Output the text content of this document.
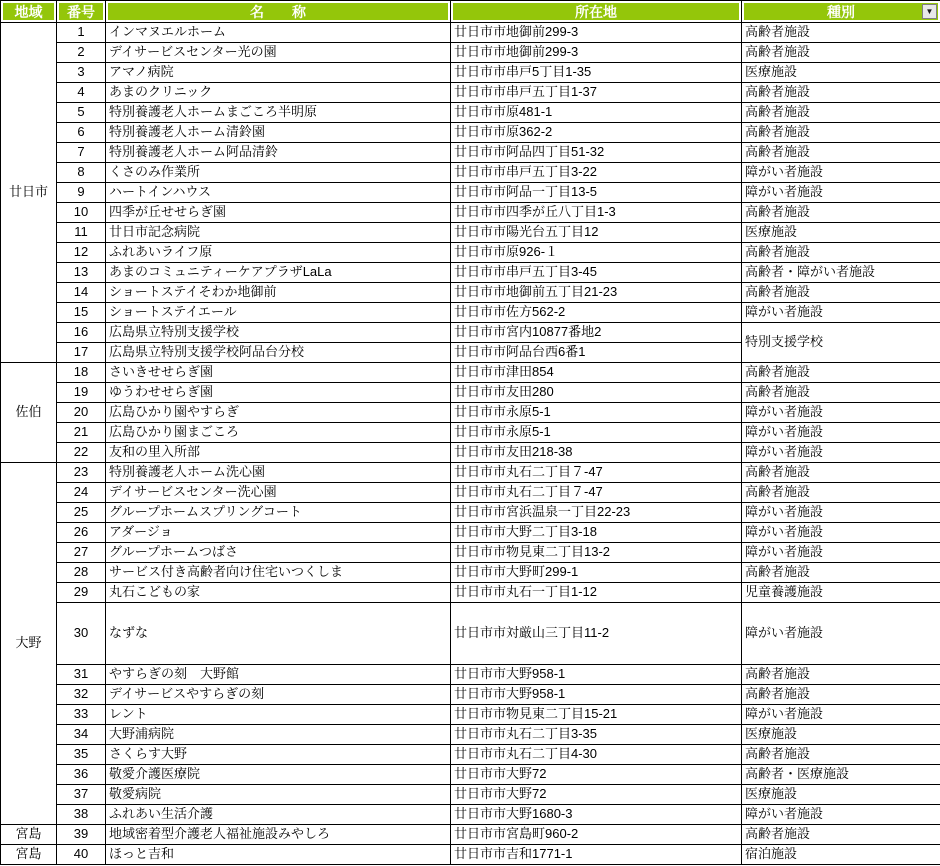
地域	番号	名　　称	所在地	種別 ▼

廿日市	1	インマヌエルホーム	廿日市市地御前299-3	高齢者施設
	2	デイサービスセンター光の園	廿日市市地御前299-3	高齢者施設
	3	アマノ病院	廿日市市串戸5丁目1-35	医療施設
	4	あまのクリニック	廿日市市串戸五丁目1-37	高齢者施設
	5	特別養護老人ホームまごころ半明原	廿日市市原481-1	高齢者施設
	6	特別養護老人ホーム清鈴園	廿日市市原362-2	高齢者施設
	7	特別養護老人ホーム阿品清鈴	廿日市市阿品四丁目51-32	高齢者施設
	8	くさのみ作業所	廿日市市串戸五丁目3-22	障がい者施設
	9	ハートインハウス	廿日市市阿品一丁目13-5	障がい者施設
	10	四季が丘せせらぎ園	廿日市市四季が丘八丁目1-3	高齢者施設
	11	廿日市記念病院	廿日市市陽光台五丁目12	医療施設
	12	ふれあいライフ原	廿日市市原926-１	高齢者施設
	13	あまのコミュニティーケアプラザLaLa	廿日市市串戸五丁目3-45	高齢者・障がい者施設
	14	ショートステイそわか地御前	廿日市市地御前五丁目21-23	高齢者施設
	15	ショートステイエール	廿日市市佐方562-2	障がい者施設
	16	広島県立特別支援学校	廿日市市宮内10877番地2	特別支援学校
	17	広島県立特別支援学校阿品台分校	廿日市市阿品台西6番1	
佐伯	18	さいきせせらぎ園	廿日市市津田854	高齢者施設
	19	ゆうわせせらぎ園	廿日市市友田280	高齢者施設
	20	広島ひかり園やすらぎ	廿日市市永原5-1	障がい者施設
	21	広島ひかり園まごころ	廿日市市永原5-1	障がい者施設
	22	友和の里入所部	廿日市市友田218-38	障がい者施設
大野	23	特別養護老人ホーム洗心園	廿日市市丸石二丁目７-47	高齢者施設
	24	デイサービスセンター洗心園	廿日市市丸石二丁目７-47	高齢者施設
	25	グループホームスプリングコート	廿日市市宮浜温泉一丁目22-23	障がい者施設
	26	アダージョ	廿日市市大野二丁目3-18	障がい者施設
	27	グループホームつばさ	廿日市市物見東二丁目13-2	障がい者施設
	28	サービス付き高齢者向け住宅いつくしま	廿日市市大野町299-1	高齢者施設
	29	丸石こどもの家	廿日市市丸石一丁目1-12	児童養護施設
	30	なずな	廿日市市対厳山三丁目11-2	障がい者施設
	31	やすらぎの刻　大野館	廿日市市大野958-1	高齢者施設
	32	デイサービスやすらぎの刻	廿日市市大野958-1	高齢者施設
	33	レント	廿日市市物見東二丁目15-21	障がい者施設
	34	大野浦病院	廿日市市丸石二丁目3-35	医療施設
	35	さくらす大野	廿日市市丸石二丁目4-30	高齢者施設
	36	敬愛介護医療院	廿日市市大野72	高齢者・医療施設
	37	敬愛病院	廿日市市大野72	医療施設
	38	ふれあい生活介護	廿日市市大野1680-3	障がい者施設
宮島	39	地域密着型介護老人福祉施設みやしろ	廿日市市宮島町960-2	高齢者施設
宮島	40	ほっと吉和	廿日市市吉和1771-1	宿泊施設
